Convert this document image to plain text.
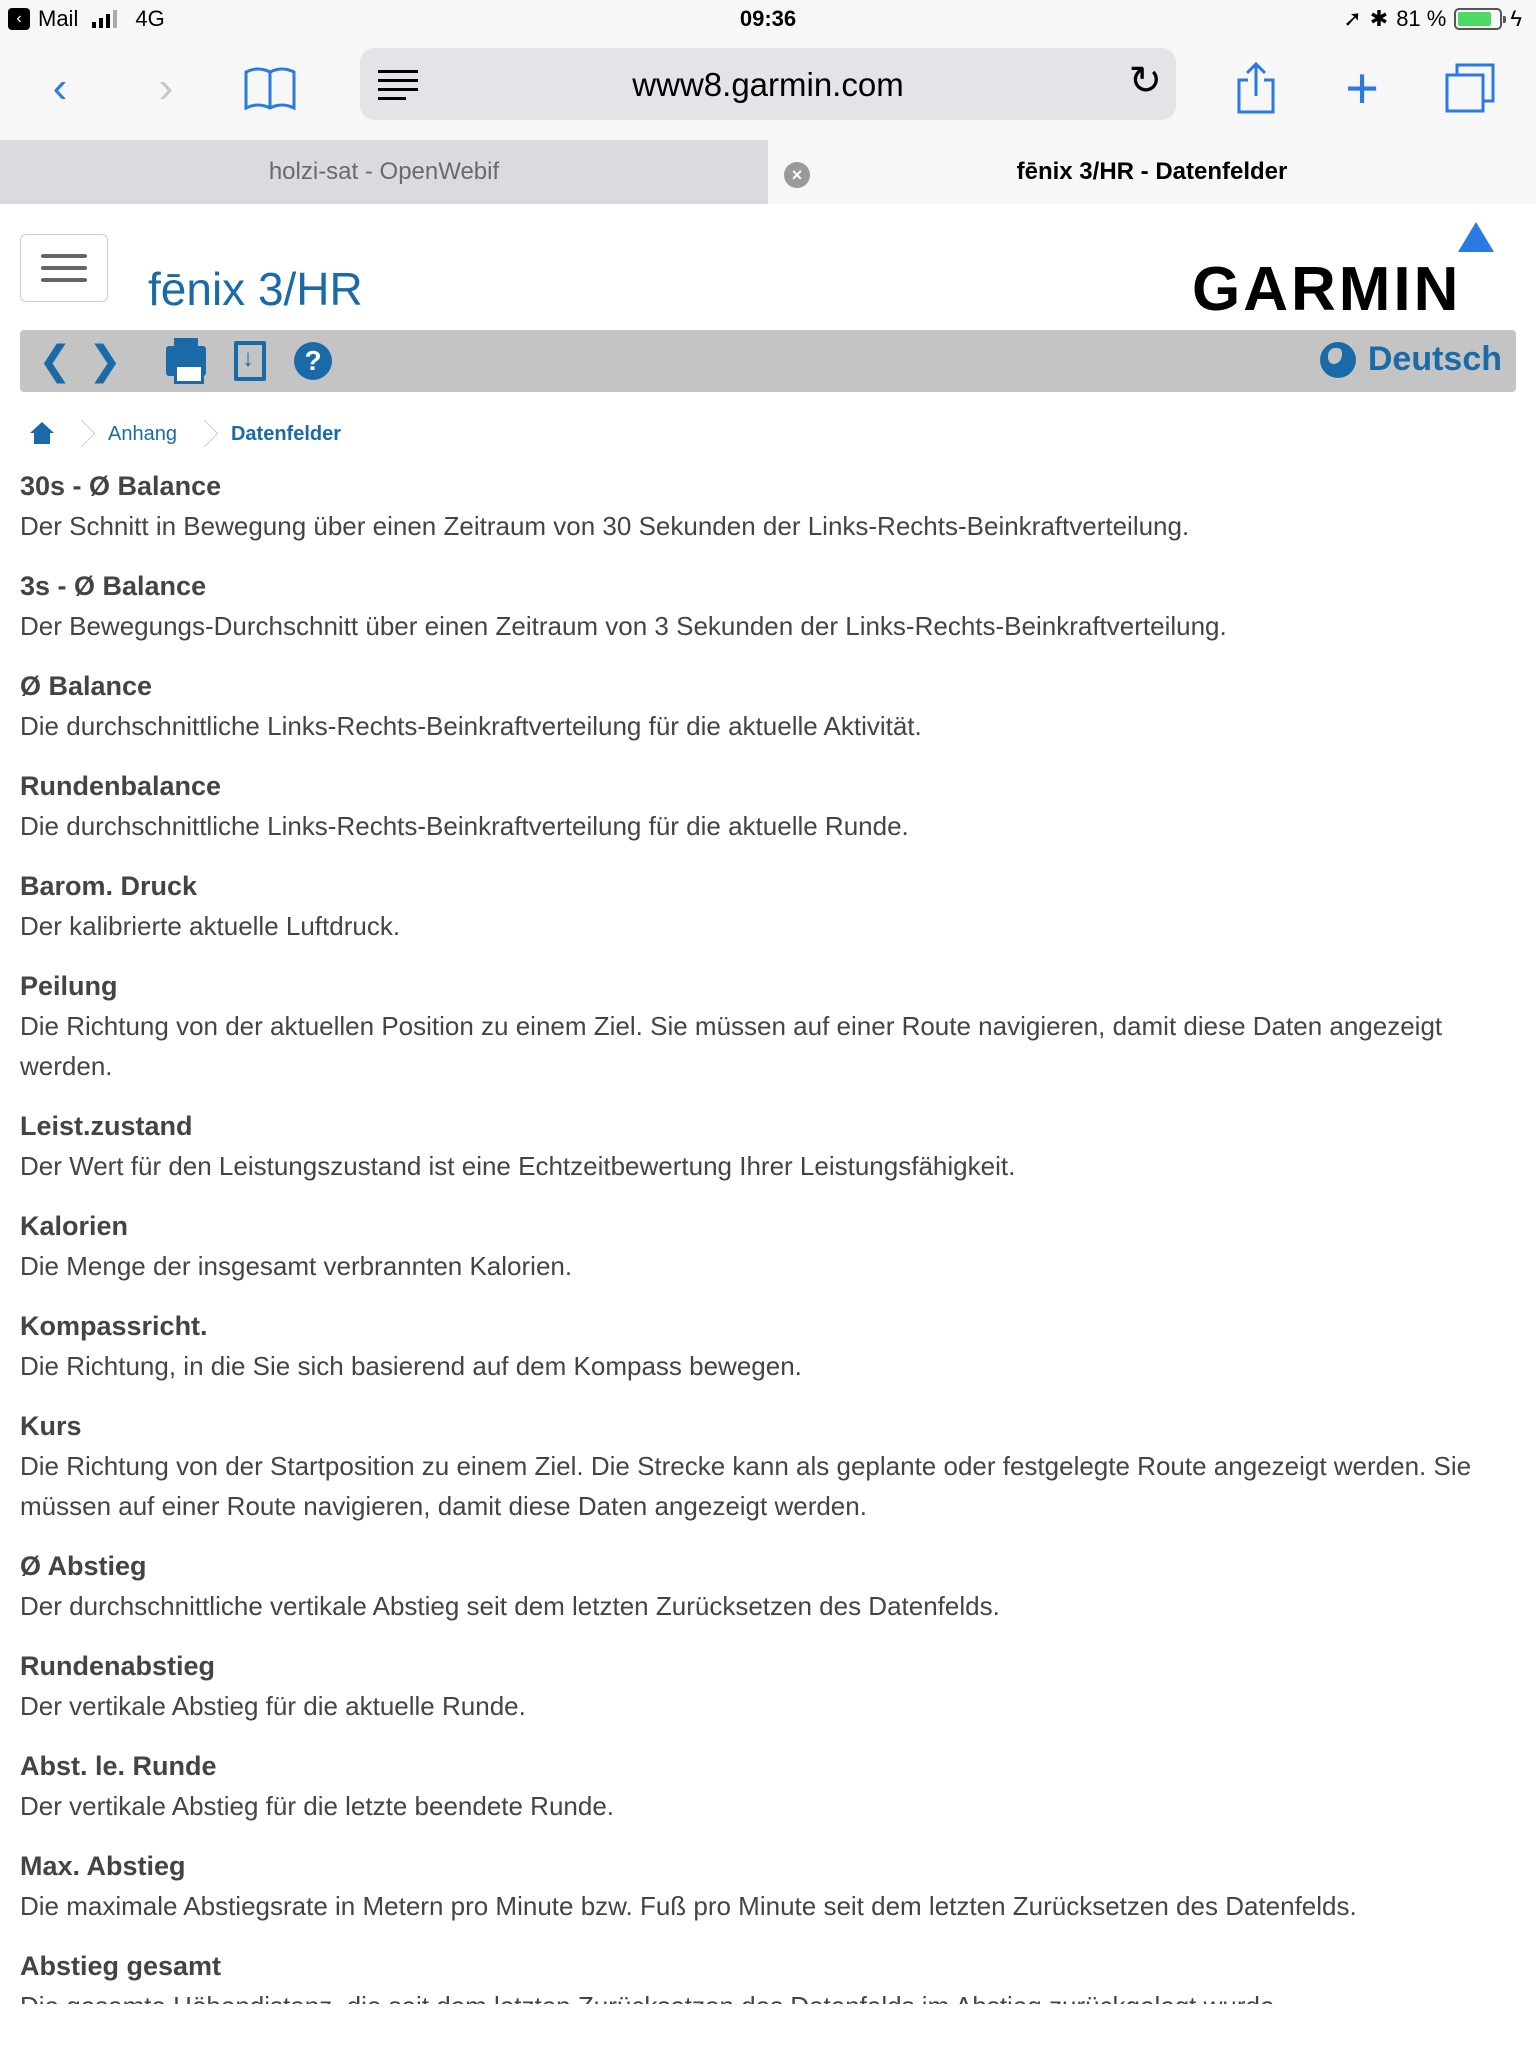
‹ Mail	4G	09:36	➚ ✱ 81 %	ϟ
‹	›	www8.garmin.com	↻	+
holzi-sat - OpenWebif	fēnix 3/HR - Datenfelder
×
fēnix 3/HR	GARMIN
❮ ❯
↓	?	Deutsch
Anhang	Datenfelder
30s - Ø Balance
Der Schnitt in Bewegung über einen Zeitraum von 30 Sekunden der Links-Rechts-Beinkraftverteilung.
3s - Ø Balance
Der Bewegungs-Durchschnitt über einen Zeitraum von 3 Sekunden der Links-Rechts-Beinkraftverteilung.
Ø Balance
Die durchschnittliche Links-Rechts-Beinkraftverteilung für die aktuelle Aktivität.
Rundenbalance
Die durchschnittliche Links-Rechts-Beinkraftverteilung für die aktuelle Runde.
Barom. Druck
Der kalibrierte aktuelle Luftdruck.
Peilung
Die Richtung von der aktuellen Position zu einem Ziel. Sie müssen auf einer Route navigieren, damit diese Daten angezeigt werden.
Leist.zustand
Der Wert für den Leistungszustand ist eine Echtzeitbewertung Ihrer Leistungsfähigkeit.
Kalorien
Die Menge der insgesamt verbrannten Kalorien.
Kompassricht.
Die Richtung, in die Sie sich basierend auf dem Kompass bewegen.
Kurs
Die Richtung von der Startposition zu einem Ziel. Die Strecke kann als geplante oder festgelegte Route angezeigt werden. Sie müssen auf einer Route navigieren, damit diese Daten angezeigt werden.
Ø Abstieg
Der durchschnittliche vertikale Abstieg seit dem letzten Zurücksetzen des Datenfelds.
Rundenabstieg
Der vertikale Abstieg für die aktuelle Runde.
Abst. le. Runde
Der vertikale Abstieg für die letzte beendete Runde.
Max. Abstieg
Die maximale Abstiegsrate in Metern pro Minute bzw. Fuß pro Minute seit dem letzten Zurücksetzen des Datenfelds.
Abstieg gesamt
